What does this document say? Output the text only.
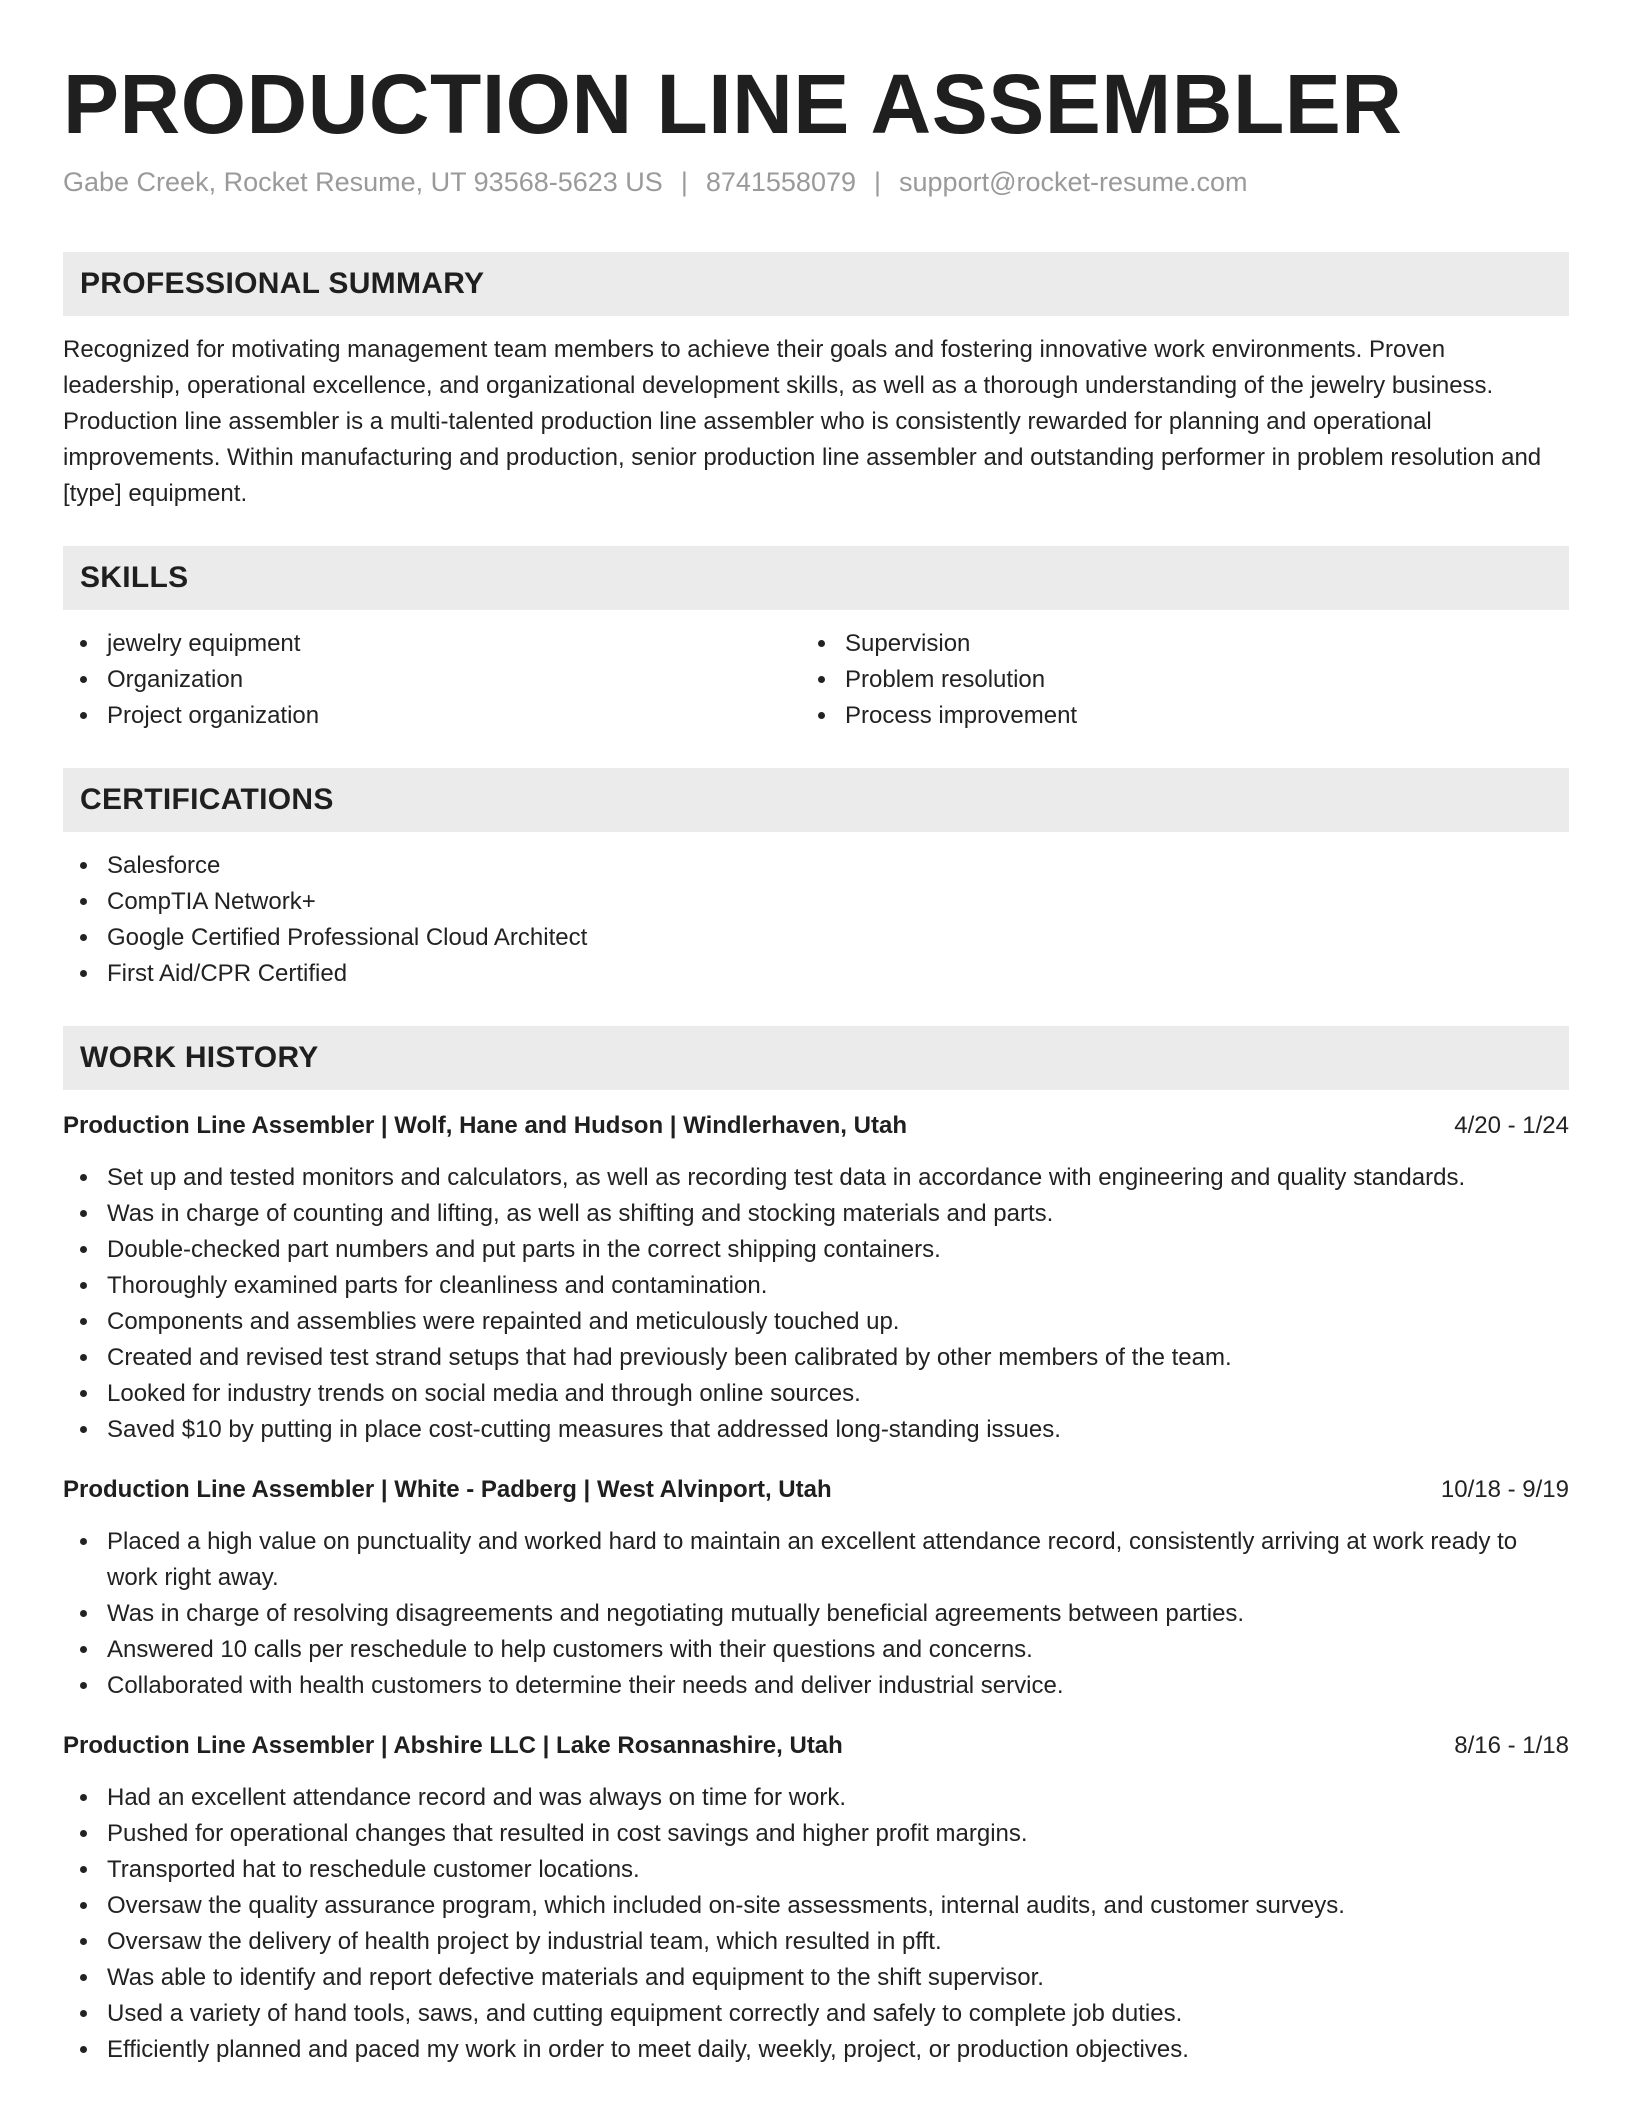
PRODUCTION LINE ASSEMBLER
Gabe Creek, Rocket Resume, UT 93568-5623 US | 8741558079 | support@rocket-resume.com
PROFESSIONAL SUMMARY
Recognized for motivating management team members to achieve their goals and fostering innovative work environments. Proven leadership, operational excellence, and organizational development skills, as well as a thorough understanding of the jewelry business. Production line assembler is a multi-talented production line assembler who is consistently rewarded for planning and operational improvements. Within manufacturing and production, senior production line assembler and outstanding performer in problem resolution and [type] equipment.
SKILLS
jewelry equipment
Organization
Project organization
Supervision
Problem resolution
Process improvement
CERTIFICATIONS
Salesforce
CompTIA Network+
Google Certified Professional Cloud Architect
First Aid/CPR Certified
WORK HISTORY
Production Line Assembler | Wolf, Hane and Hudson | Windlerhaven, Utah	4/20 - 1/24
Set up and tested monitors and calculators, as well as recording test data in accordance with engineering and quality standards.
Was in charge of counting and lifting, as well as shifting and stocking materials and parts.
Double-checked part numbers and put parts in the correct shipping containers.
Thoroughly examined parts for cleanliness and contamination.
Components and assemblies were repainted and meticulously touched up.
Created and revised test strand setups that had previously been calibrated by other members of the team.
Looked for industry trends on social media and through online sources.
Saved $10 by putting in place cost-cutting measures that addressed long-standing issues.
Production Line Assembler | White - Padberg | West Alvinport, Utah	10/18 - 9/19
Placed a high value on punctuality and worked hard to maintain an excellent attendance record, consistently arriving at work ready to work right away.
Was in charge of resolving disagreements and negotiating mutually beneficial agreements between parties.
Answered 10 calls per reschedule to help customers with their questions and concerns.
Collaborated with health customers to determine their needs and deliver industrial service.
Production Line Assembler | Abshire LLC | Lake Rosannashire, Utah	8/16 - 1/18
Had an excellent attendance record and was always on time for work.
Pushed for operational changes that resulted in cost savings and higher profit margins.
Transported hat to reschedule customer locations.
Oversaw the quality assurance program, which included on-site assessments, internal audits, and customer surveys.
Oversaw the delivery of health project by industrial team, which resulted in pfft.
Was able to identify and report defective materials and equipment to the shift supervisor.
Used a variety of hand tools, saws, and cutting equipment correctly and safely to complete job duties.
Efficiently planned and paced my work in order to meet daily, weekly, project, or production objectives.
